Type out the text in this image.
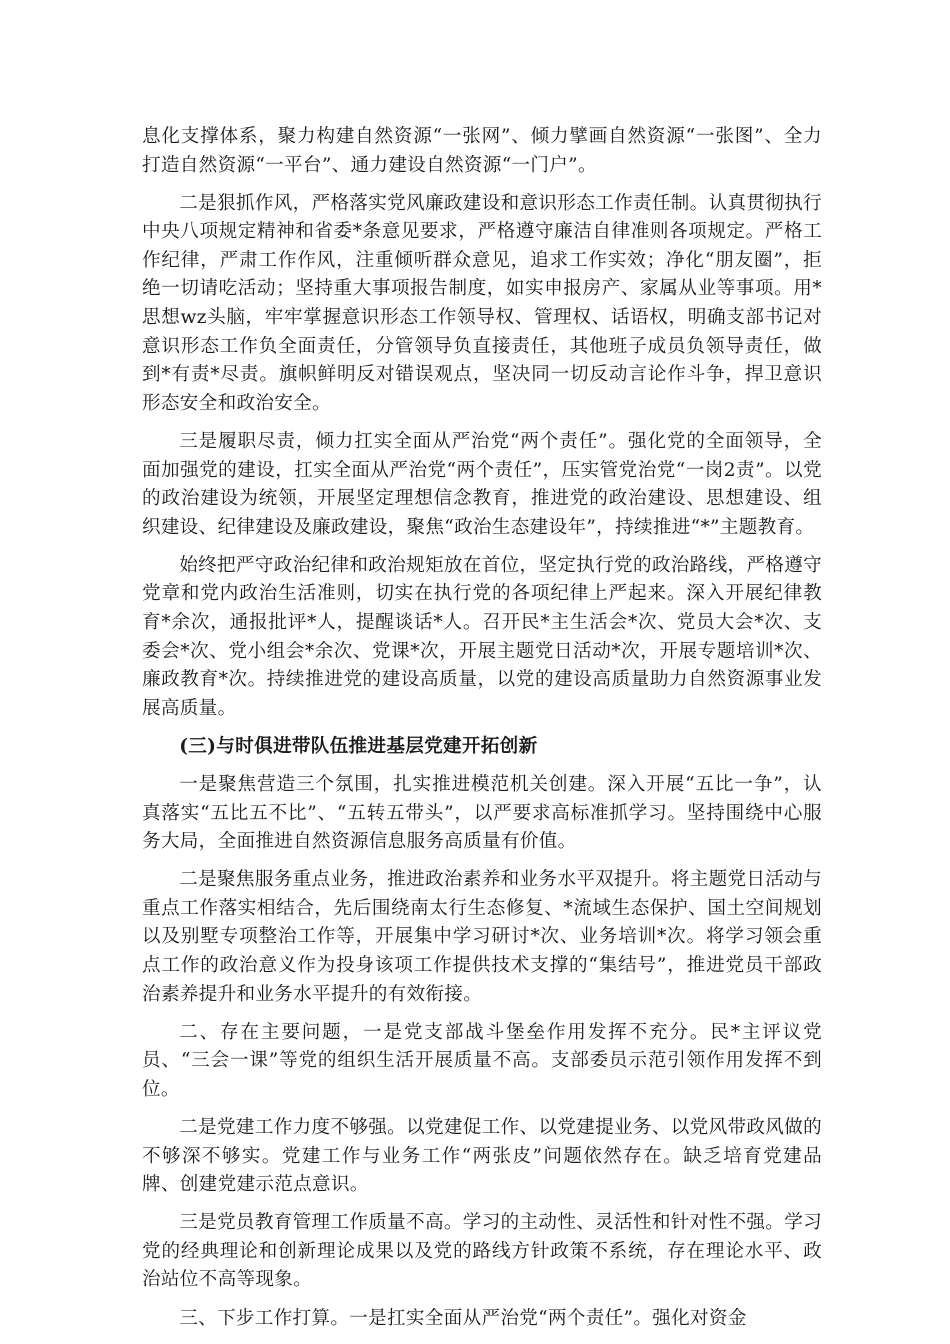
息化支撑体系，聚力构建自然资源“一张网”、倾力擘画自然资源“一张图”、全力打造自然资源“一平台”、通力建设自然资源“一门户”。

二是狠抓作风，严格落实党风廉政建设和意识形态工作责任制。认真贯彻执行中央八项规定精神和省委*条意见要求，严格遵守廉洁自律准则各项规定。严格工作纪律，严肃工作作风，注重倾听群众意见，追求工作实效；净化“朋友圈”，拒绝一切请吃活动；坚持重大事项报告制度，如实申报房产、家属从业等事项。用*思想wz头脑，牢牢掌握意识形态工作领导权、管理权、话语权，明确支部书记对意识形态工作负全面责任，分管领导负直接责任，其他班子成员负领导责任，做到*有责*尽责。旗帜鲜明反对错误观点，坚决同一切反动言论作斗争，捍卫意识形态安全和政治安全。

三是履职尽责，倾力扛实全面从严治党“两个责任”。强化党的全面领导，全面加强党的建设，扛实全面从严治党“两个责任”，压实管党治党“一岗2责”。以党的政治建设为统领，开展坚定理想信念教育，推进党的政治建设、思想建设、组织建设、纪律建设及廉政建设，聚焦“政治生态建设年”，持续推进“*”主题教育。

始终把严守政治纪律和政治规矩放在首位，坚定执行党的政治路线，严格遵守党章和党内政治生活准则，切实在执行党的各项纪律上严起来。深入开展纪律教育*余次，通报批评*人，提醒谈话*人。召开民*主生活会*次、党员大会*次、支委会*次、党小组会*余次、党课*次，开展主题党日活动*次，开展专题培训*次、廉政教育*次。持续推进党的建设高质量，以党的建设高质量助力自然资源事业发展高质量。

(三)与时俱进带队伍推进基层党建开拓创新

一是聚焦营造三个氛围，扎实推进模范机关创建。深入开展“五比一争”，认真落实“五比五不比”、“五转五带头”，以严要求高标准抓学习。坚持围绕中心服务大局，全面推进自然资源信息服务高质量有价值。

二是聚焦服务重点业务，推进政治素养和业务水平双提升。将主题党日活动与重点工作落实相结合，先后围绕南太行生态修复、*流域生态保护、国土空间规划以及别墅专项整治工作等，开展集中学习研讨*次、业务培训*次。将学习领会重点工作的政治意义作为投身该项工作提供技术支撑的“集结号”，推进党员干部政治素养提升和业务水平提升的有效衔接。

二、存在主要问题，一是党支部战斗堡垒作用发挥不充分。民*主评议党员、“三会一课”等党的组织生活开展质量不高。支部委员示范引领作用发挥不到位。

二是党建工作力度不够强。以党建促工作、以党建提业务、以党风带政风做的不够深不够实。党建工作与业务工作“两张皮”问题依然存在。缺乏培育党建品牌、创建党建示范点意识。

三是党员教育管理工作质量不高。学习的主动性、灵活性和针对性不强。学习党的经典理论和创新理论成果以及党的路线方针政策不系统，存在理论水平、政治站位不高等现象。

三、下步工作打算。一是扛实全面从严治党“两个责任”。强化对资金
